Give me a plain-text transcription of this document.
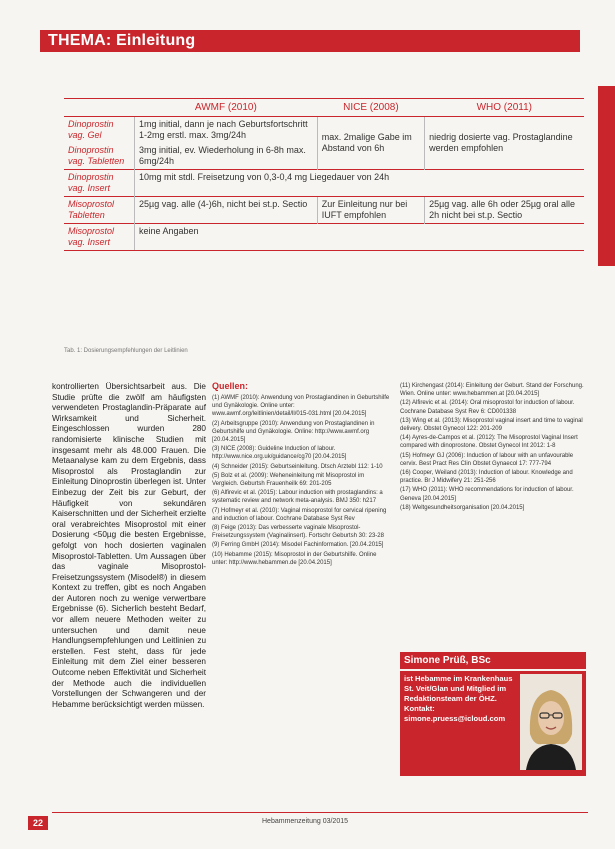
THEMA: Einleitung
	AWMF (2010)	NICE (2008)	WHO (2011)
Dinoprostin vag. Gel	1mg initial, dann je nach Geburtsfortschritt 1-2mg erstl. max. 3mg/24h	max. 2malige Gabe im Abstand von 6h	niedrig dosierte vag. Prostaglandine werden empfohlen
Dinoprostin vag. Tabletten	3mg initial, ev. Wiederholung in 6-8h max. 6mg/24h		
Dinoprostin vag. Insert	10mg mit stdl. Freisetzung von 0,3-0,4 mg Liegedauer von 24h		
Misoprostol Tabletten	25µg vag. alle (4-)6h, nicht bei st.p. Sectio	Zur Einleitung nur bei IUFT empfohlen	25µg vag. alle 6h oder 25µg oral alle 2h nicht bei st.p. Sectio
Misoprostol vag. Insert	keine Angaben		
Tab. 1: Dosierungsempfehlungen der Leitlinien

kontrollierten Übersichtsarbeit aus. Die Studie prüfte die zwölf am häufigsten verwendeten Prostaglandin-Präparate auf Wirksamkeit und Sicherheit. Eingeschlossen wurden 280 randomisierte klinische Studien mit insgesamt mehr als 48.000 Frauen. Die Metaanalyse kam zu dem Ergebnis, dass Misoprostol als Prostaglandin zur Einleitung Dinoprostin überlegen ist. Unter Einbezug der Zeit bis zur Geburt, der Häufigkeit von sekundären Kaiserschnitten und der Sicherheit erzielte oral verabreichtes Misoprostol mit einer Dosierung <50µg die besten Ergebnisse, gefolgt von hoch dosierten vaginalen Misoprostol-Tabletten. Um Aussagen über das vaginale Misoprostol-Freisetzungssystem (Misodel®) in diesem Kontext zu treffen, gibt es noch Angaben der Autoren noch zu wenige verwertbare Ergebnisse (6). Sicherlich besteht Bedarf, vor allem neuere Methoden weiter zu untersuchen und damit neue Handlungsempfehlungen und Leitlinien zu erstellen. Fest steht, dass für jede Einleitung mit dem Ziel einer besseren Outcome neben Effektivität und Sicherheit der Methode auch die individuellen Vorstellungen der Schwangeren und der Hebamme berücksichtigt werden müssen.

Quellen:
(1) AWMF (2010): Anwendung von Prostaglandinen in Geburtshilfe und Gynäkologie. Online unter: www.awmf.org/leitlinien/detail/ll/015-031.html [20.04.2015]
(2) Arbeitsgruppe (2010): Anwendung von Prostaglandinen in Geburtshilfe und Gynäkologie. Online: http://www.awmf.org [20.04.2015]
(3) NICE (2008): Guideline Induction of labour. http://www.nice.org.uk/guidance/cg70 [20.04.2015]
(4) Schneider (2015): Geburtseinleitung. Dtsch Arztebl 112: 1-10
(5) Bolz et al. (2009): Weheneinleitung mit Misoprostol im Vergleich. Geburtsh Frauenheilk 69: 201-205
(6) Alfirevic et al. (2015): Labour induction with prostaglandins: a systematic review and network meta-analysis. BMJ 350: h217
(7) Hofmeyr et al. (2010): Vaginal misoprostol for cervical ripening and induction of labour. Cochrane Database Syst Rev
(8) Feige (2013): Das verbesserte vaginale Misoprostol-Freisetzungssystem (Vaginalinsert). Fortschr Geburtsh 30: 23-28
(9) Ferring GmbH (2014): Misodel Fachinformation. [20.04.2015]
(10) Hebamme (2015): Misoprostol in der Geburtshilfe. Online unter: http://www.hebammen.de [20.04.2015]
(11) Kirchengast (2014): Einleitung der Geburt. Stand der Forschung. Wien. Online unter: www.hebammen.at [20.04.2015]
(12) Alfirevic et al. (2014): Oral misoprostol for induction of labour. Cochrane Database Syst Rev 6: CD001338
(13) Wing et al. (2013): Misoprostol vaginal insert and time to vaginal delivery. Obstet Gynecol 122: 201-209
(14) Ayres-de-Campos et al. (2012): The Misoprostol Vaginal Insert compared with dinoprostone. Obstet Gynecol Int 2012: 1-8
(15) Hofmeyr GJ (2006): Induction of labour with an unfavourable cervix. Best Pract Res Clin Obstet Gynaecol 17: 777-794
(16) Cooper, Weiland (2013): Induction of labour. Knowledge and practice. Br J Midwifery 21: 251-256
(17) WHO (2011): WHO recommendations for induction of labour. Geneva [20.04.2015]
(18) Weltgesundheitsorganisation [20.04.2015]
Simone Prüß, BSc
ist Hebamme im Krankenhaus St. Veit/Glan und Mitglied im Redaktionsteam der ÖHZ. Kontakt: simone.pruess@icloud.com
22	Hebammenzeitung 03/2015
